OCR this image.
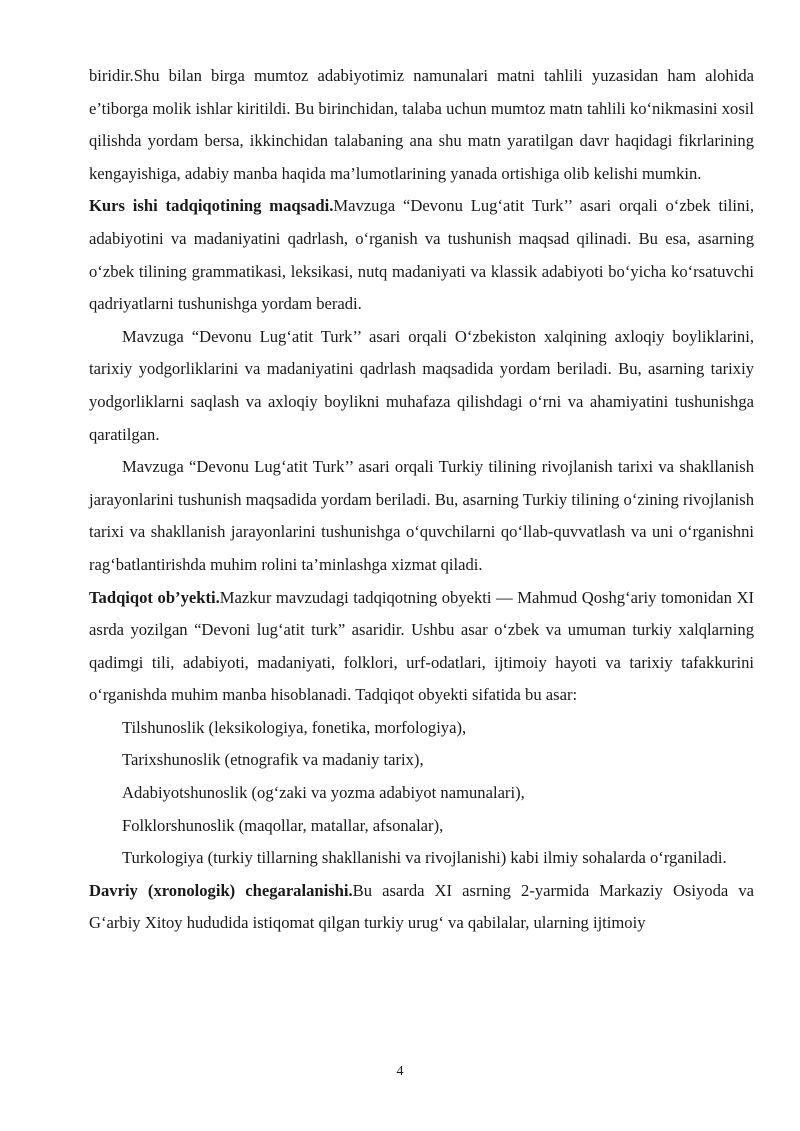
biridir.Shu bilan birga mumtoz adabiyotimiz namunalari matni tahlili yuzasidan ham alohida e’tiborga molik ishlar kiritildi. Bu birinchidan, talaba uchun mumtoz matn tahlili ko‘nikmasini xosil qilishda yordam bersa, ikkinchidan talabaning ana shu matn yaratilgan davr haqidagi fikrlarining kengayishiga, adabiy manba haqida ma’lumotlarining yanada ortishiga olib kelishi mumkin.

Kurs ishi tadqiqotining maqsadi.Mavzuga “Devonu Lug‘atit Turk’’ asari orqali o‘zbek tilini, adabiyotini va madaniyatini qadrlash, o‘rganish va tushunish maqsad qilinadi. Bu esa, asarning o‘zbek tilining grammatikasi, leksikasi, nutq madaniyati va klassik adabiyoti bo‘yicha ko‘rsatuvchi qadriyatlarni tushunishga yordam beradi.

Mavzuga “Devonu Lug‘atit Turk’’ asari orqali O‘zbekiston xalqining axloqiy boyliklarini, tarixiy yodgorliklarini va madaniyatini qadrlash maqsadida yordam beriladi. Bu, asarning tarixiy yodgorliklarni saqlash va axloqiy boylikni muhafaza qilishdagi o‘rni va ahamiyatini tushunishga qaratilgan.

Mavzuga “Devonu Lug‘atit Turk’’ asari orqali Turkiy tilining rivojlanish tarixi va shakllanish jarayonlarini tushunish maqsadida yordam beriladi. Bu, asarning Turkiy tilining o‘zining rivojlanish tarixi va shakllanish jarayonlarini tushunishga o‘quvchilarni qo‘llab-quvvatlash va uni o‘rganishni rag‘batlantirishda muhim rolini ta’minlashga xizmat qiladi.

Tadqiqot ob’yekti.Mazkur mavzudagi tadqiqotning obyekti — Mahmud Qoshg‘ariy tomonidan XI asrda yozilgan “Devoni lug‘atit turk” asaridir. Ushbu asar o‘zbek va umuman turkiy xalqlarning qadimgi tili, adabiyoti, madaniyati, folklori, urf-odatlari, ijtimoiy hayoti va tarixiy tafakkurini o‘rganishda muhim manba hisoblanadi. Tadqiqot obyekti sifatida bu asar:

Tilshunoslik (leksikologiya, fonetika, morfologiya),

Tarixshunoslik (etnografik va madaniy tarix),

Adabiyotshunoslik (og‘zaki va yozma adabiyot namunalari),

Folklorshunoslik (maqollar, matallar, afsonalar),

Turkologiya (turkiy tillarning shakllanishi va rivojlanishi) kabi ilmiy sohalarda o‘rganiladi.

Davriy (xronologik) chegaralanishi.Bu asarda XI asrning 2-yarmida Markaziy Osiyoda va G‘arbiy Xitoy hududida istiqomat qilgan turkiy urug‘ va qabilalar, ularning ijtimoiy

4
